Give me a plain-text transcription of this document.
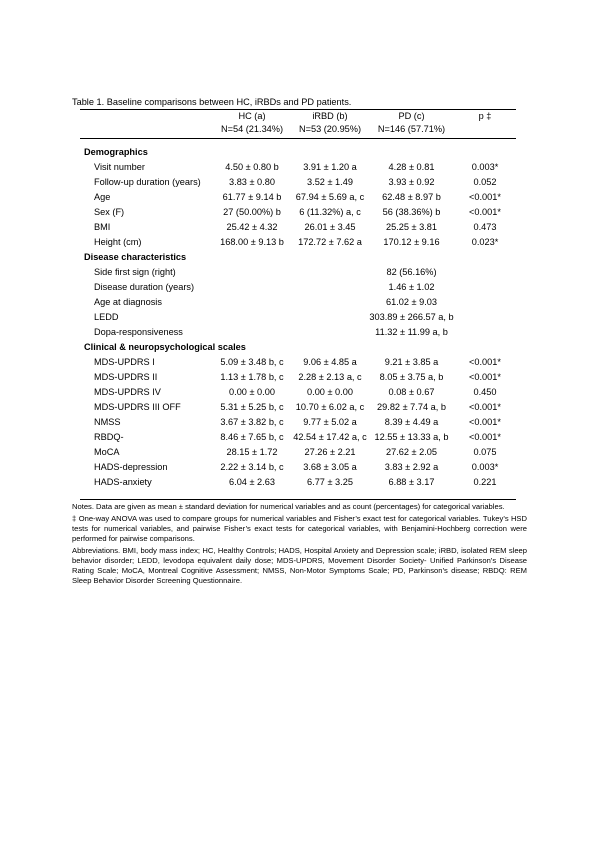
Table 1. Baseline comparisons between HC, iRBDs and PD patients.
	HC (a)	iRBD (b)	PD (c)	p ‡
	N=54 (21.34%)	N=53 (20.95%)	N=146 (57.71%)	

Demographics				
Visit number	4.50 ± 0.80 b	3.91 ± 1.20 a	4.28 ± 0.81	0.003*
Follow-up duration (years)	3.83 ± 0.80	3.52 ± 1.49	3.93 ± 0.92	0.052
Age	61.77 ± 9.14 b	67.94 ± 5.69 a, c	62.48 ± 8.97 b	<0.001*
Sex (F)	27 (50.00%) b	6 (11.32%) a, c	56 (38.36%) b	<0.001*
BMI	25.42 ± 4.32	26.01 ± 3.45	25.25 ± 3.81	0.473
Height (cm)	168.00 ± 9.13 b	172.72 ± 7.62 a	170.12 ± 9.16	0.023*
Disease characteristics				
Side first sign (right)			82 (56.16%)	
Disease duration (years)			1.46 ± 1.02	
Age at diagnosis			61.02 ± 9.03	
LEDD			303.89 ± 266.57 a, b	
Dopa-responsiveness			11.32 ± 11.99 a, b	
Clinical & neuropsychological scales				
MDS-UPDRS I	5.09 ± 3.48 b, c	9.06 ± 4.85 a	9.21 ± 3.85 a	<0.001*
MDS-UPDRS II	1.13 ± 1.78 b, c	2.28 ± 2.13 a, c	8.05 ± 3.75 a, b	<0.001*
MDS-UPDRS IV	0.00 ± 0.00	0.00 ± 0.00	0.08 ± 0.67	0.450
MDS-UPDRS III OFF	5.31 ± 5.25 b, c	10.70 ± 6.02 a, c	29.82 ± 7.74 a, b	<0.001*
NMSS	3.67 ± 3.82 b, c	9.77 ± 5.02 a	8.39 ± 4.49 a	<0.001*
RBDQ-	8.46 ± 7.65 b, c	42.54 ± 17.42 a, c	12.55 ± 13.33 a, b	<0.001*
MoCA	28.15 ± 1.72	27.26 ± 2.21	27.62 ± 2.05	0.075
HADS-depression	2.22 ± 3.14 b, c	3.68 ± 3.05 a	3.83 ± 2.92 a	0.003*
HADS-anxiety	6.04 ± 2.63	6.77 ± 3.25	6.88 ± 3.17	0.221

Notes. Data are given as mean ± standard deviation for numerical variables and as count (percentages) for categorical variables.

‡ One-way ANOVA was used to compare groups for numerical variables and Fisher’s exact test for categorical variables. Tukey’s HSD tests for numerical variables, and pairwise Fisher’s exact tests for categorical variables, with Benjamini-Hochberg correction were performed for pairwise comparisons.

Abbreviations. BMI, body mass index; HC, Healthy Controls; HADS, Hospital Anxiety and Depression scale; iRBD, isolated REM sleep behavior disorder; LEDD, levodopa equivalent daily dose; MDS-UPDRS, Movement Disorder Society- Unified Parkinson’s Disease Rating Scale; MoCA, Montreal Cognitive Assessment; NMSS, Non-Motor Symptoms Scale; PD, Parkinson’s disease; RBDQ: REM Sleep Behavior Disorder Screening Questionnaire.
